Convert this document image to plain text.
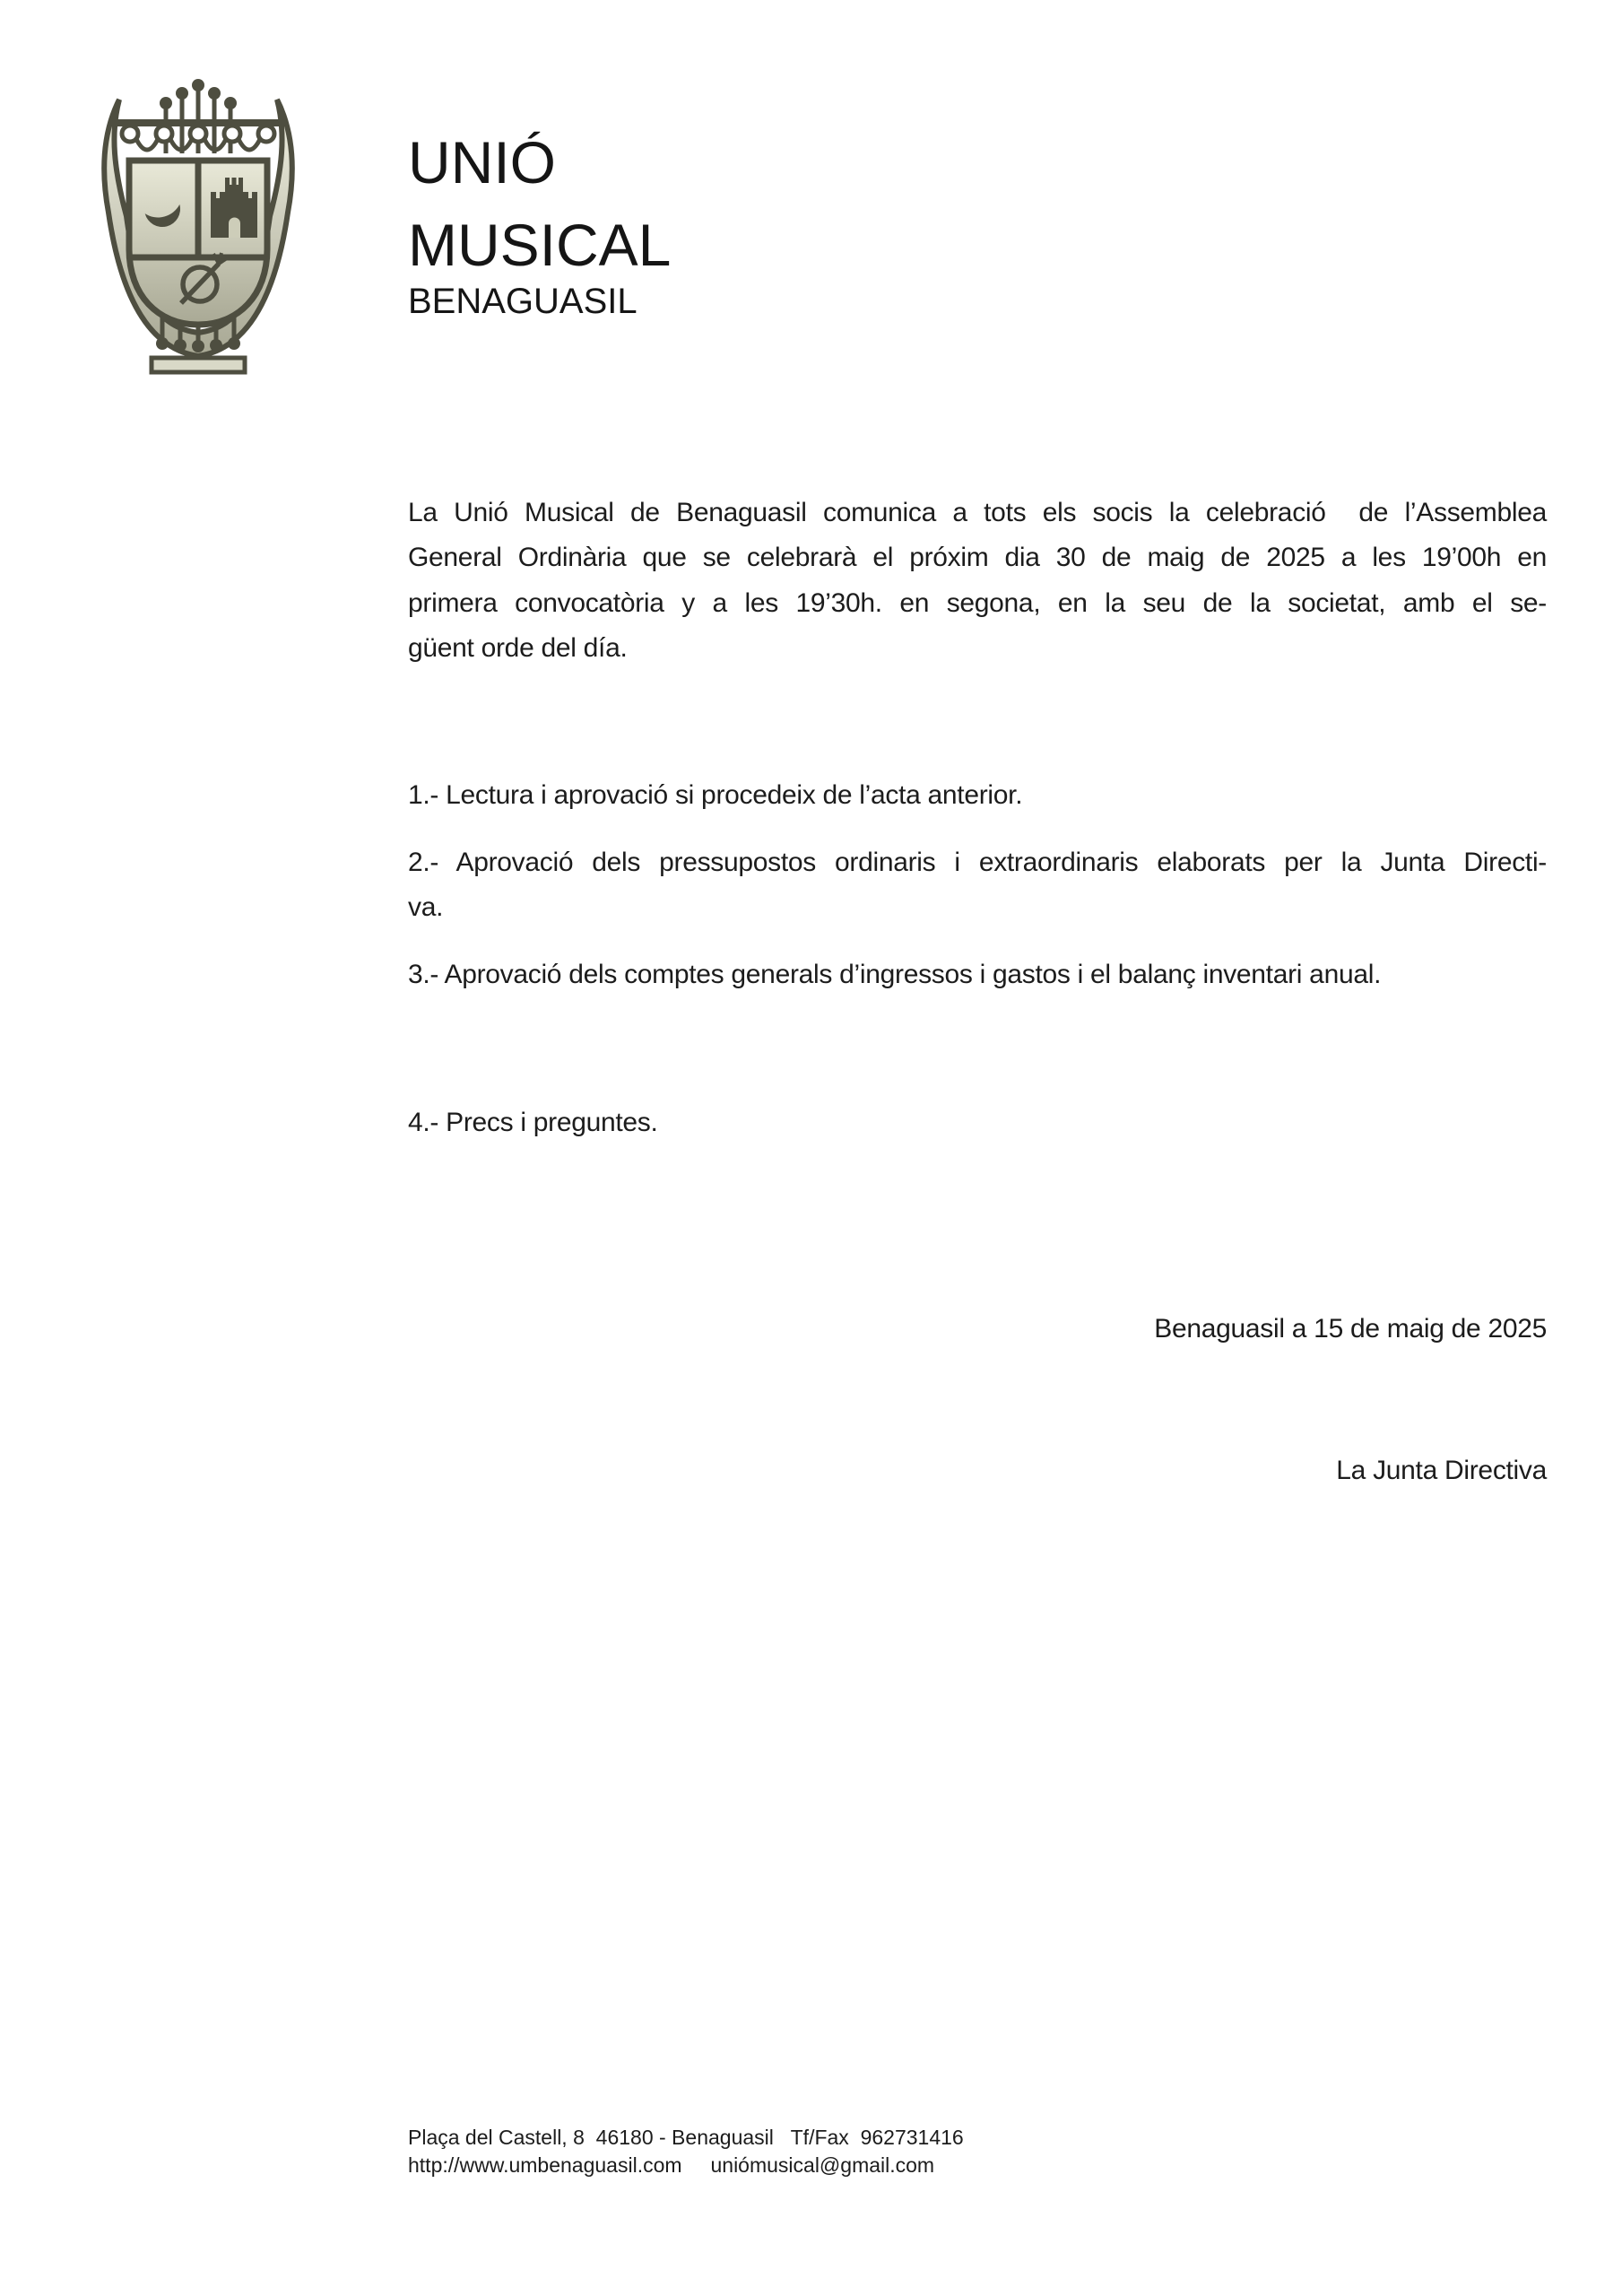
UNIÓ
MUSICAL
BENAGUASIL
La Unió Musical de Benaguasil comunica a tots els socis la celebració  de l’Assemblea
General Ordinària que se celebrarà el próxim dia 30 de maig de 2025 a les 19’00h en
primera convocatòria y a les 19’30h. en segona, en la seu de la societat, amb el se-
güent orde del día.
1.- Lectura i aprovació si procedeix de l’acta anterior.
2.- Aprovació dels pressupostos ordinaris i extraordinaris elaborats per la Junta Directi-
va.
3.- Aprovació dels comptes generals d’ingressos i gastos i el balanç inventari anual.
4.- Precs i preguntes.
Benaguasil a 15 de maig de 2025
La Junta Directiva
Plaça del Castell, 8  46180 - Benaguasil   Tf/Fax  962731416
http://www.umbenaguasil.com     uniómusical@gmail.com
